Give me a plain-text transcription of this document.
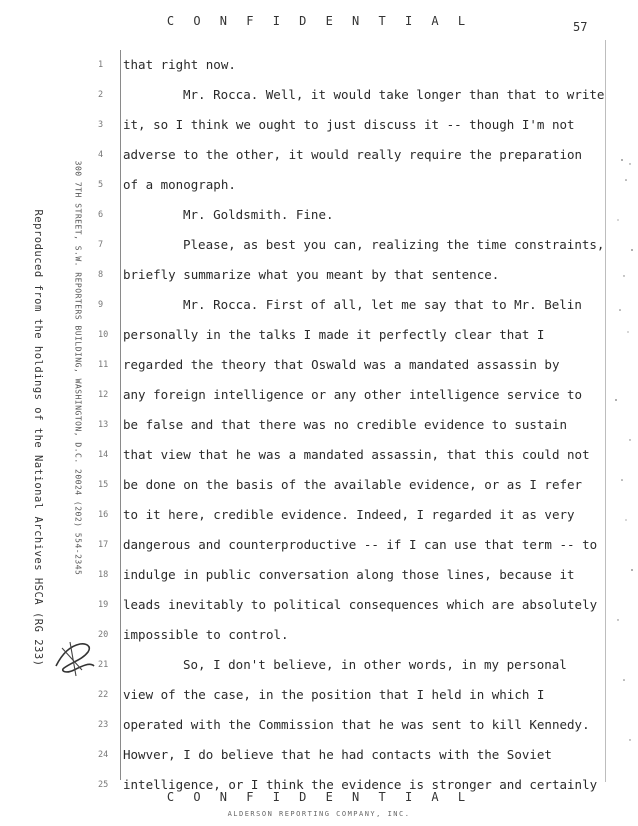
C O N F I D E N T I A L	57
Reproduced from the holdings of the National Archives HSCA (RG 233)	300 7TH STREET, S.W. REPORTERS BUILDING, WASHINGTON, D.C. 20024 (202) 554-2345
1 that right now.
2	Mr. Rocca. Well, it would take longer than that to write
3 it, so I think we ought to just discuss it -- though I'm not
4 adverse to the other, it would really require the preparation
5 of a monograph.
6	Mr. Goldsmith. Fine.
7	Please, as best you can, realizing the time constraints,
8 briefly summarize what you meant by that sentence.
9	Mr. Rocca. First of all, let me say that to Mr. Belin
10 personally in the talks I made it perfectly clear that I
11 regarded the theory that Oswald was a mandated assassin by
12 any foreign intelligence or any other intelligence service to
13 be false and that there was no credible evidence to sustain
14 that view that he was a mandated assassin, that this could not
15 be done on the basis of the available evidence, or as I refer
16 to it here, credible evidence. Indeed, I regarded it as very
17 dangerous and counterproductive -- if I can use that term -- to
18 indulge in public conversation along those lines, because it
19 leads inevitably to political consequences which are absolutely
20 impossible to control.
21	So, I don't believe, in other words, in my personal
22 view of the case, in the position that I held in which I
23 operated with the Commission that he was sent to kill Kennedy.
24 Howver, I do believe that he had contacts with the Soviet
25 intelligence, or I think the evidence is stronger and certainly
C O N F I D E N T I A L
ALDERSON REPORTING COMPANY, INC.
